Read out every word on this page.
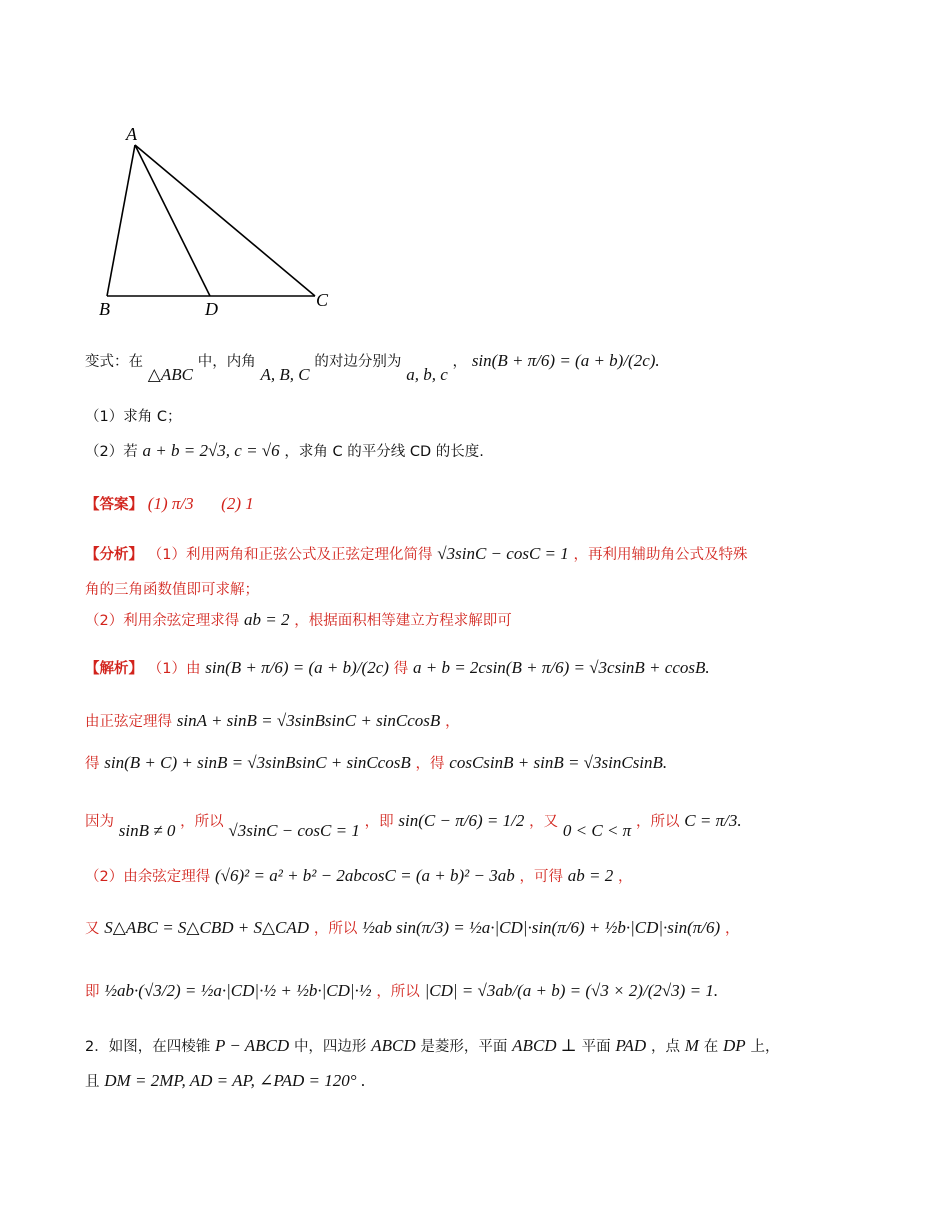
A
B	D	C
变式：在 △ABC 中，内角 A, B, C 的对边分别为 a, b, c ， sin(B + π/6) = (a + b)/(2c).
（1）求角 C；
（2）若 a + b = 2√3, c = √6 ，求角 C 的平分线 CD 的长度.
【答案】 (1) π/3 (2) 1
【分析】 （1）利用两角和正弦公式及正弦定理化简得 √3sinC − cosC = 1 ，再利用辅助角公式及特殊
角的三角函数值即可求解；
（2）利用余弦定理求得 ab = 2 ，根据面积相等建立方程求解即可
【解析】 （1）由 sin(B + π/6) = (a + b)/(2c) 得 a + b = 2csin(B + π/6) = √3csinB + ccosB.
由正弦定理得 sinA + sinB = √3sinBsinC + sinCcosB ，
得 sin(B + C) + sinB = √3sinBsinC + sinCcosB ，得 cosCsinB + sinB = √3sinCsinB.
因为 sinB ≠ 0 ，所以 √3sinC − cosC = 1 ，即 sin(C − π/6) = 1/2 ，又 0 < C < π ，所以 C = π/3.
（2）由余弦定理得 (√6)² = a² + b² − 2abcosC = (a + b)² − 3ab ，可得 ab = 2 ，
又 S△ABC = S△CBD + S△CAD ，所以 ½ab sin(π/3) = ½a·|CD|·sin(π/6) + ½b·|CD|·sin(π/6) ，
即 ½ab·(√3/2) = ½a·|CD|·½ + ½b·|CD|·½ ，所以 |CD| = √3ab/(a + b) = (√3 × 2)/(2√3) = 1.
2．如图，在四棱锥 P − ABCD 中，四边形 ABCD 是菱形，平面 ABCD ⊥ 平面 PAD ，点 M 在 DP 上，
且 DM = 2MP, AD = AP, ∠PAD = 120° .
